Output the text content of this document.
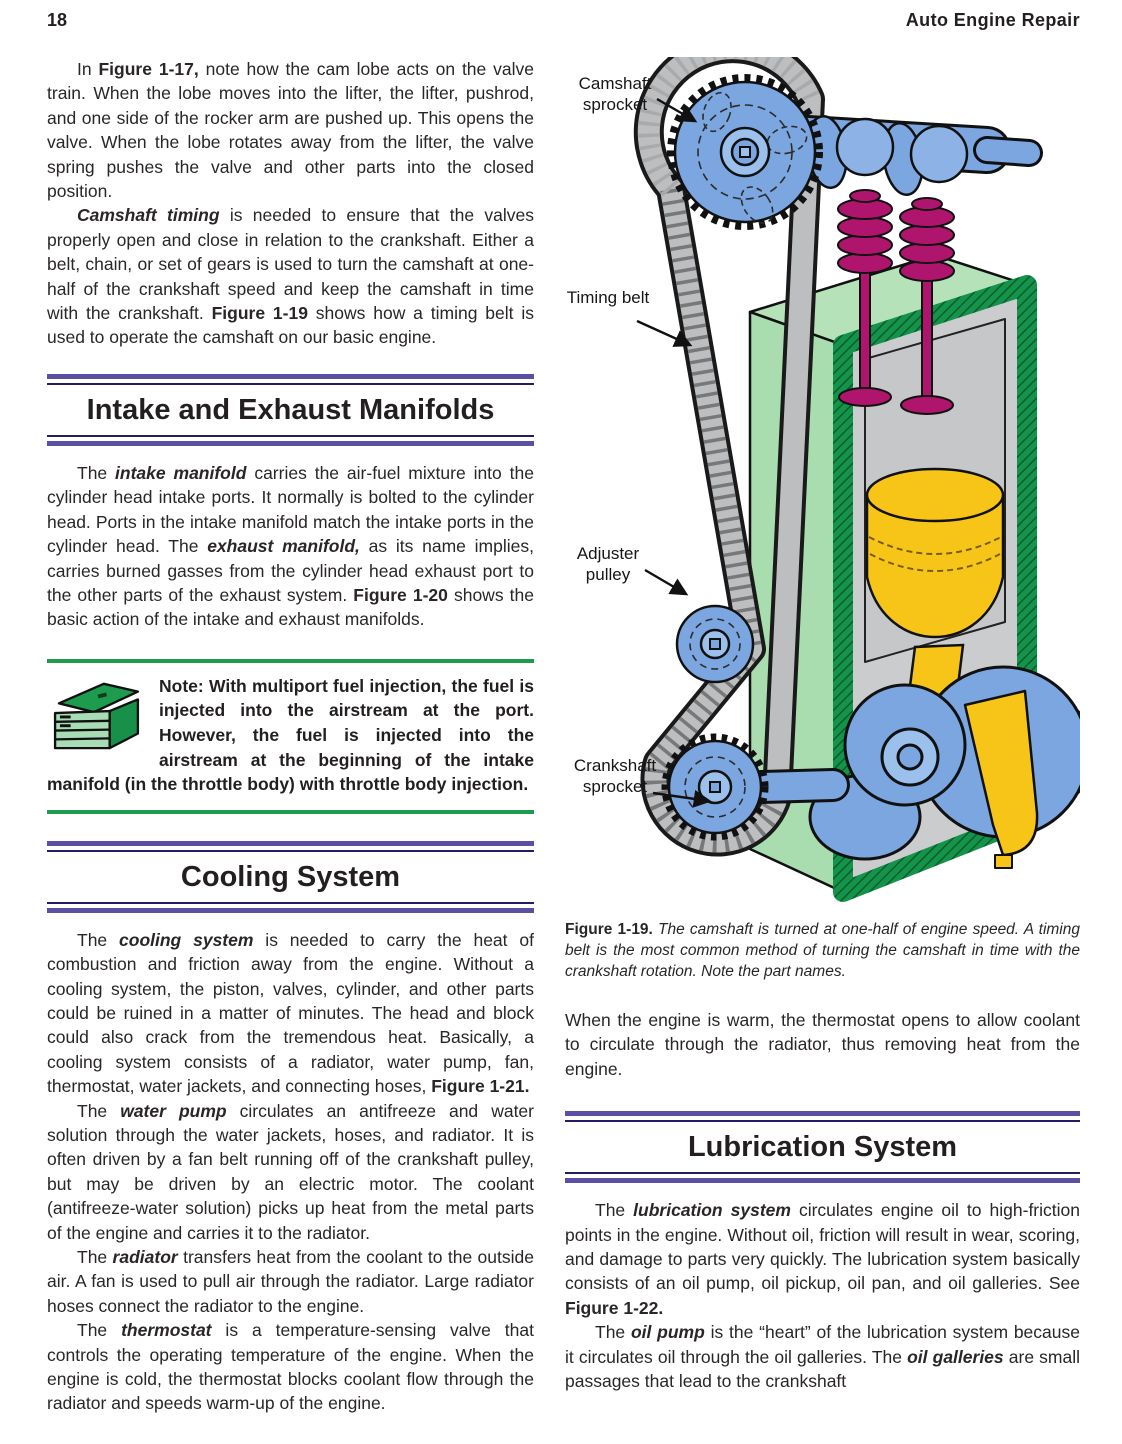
18	Auto Engine Repair

In Figure 1-17, note how the cam lobe acts on the valve train. When the lobe moves into the lifter, the lifter, pushrod, and one side of the rocker arm are pushed up. This opens the valve. When the lobe rotates away from the lifter, the valve spring pushes the valve and other parts into the closed position.

Camshaft timing is needed to ensure that the valves properly open and close in relation to the crankshaft. Either a belt, chain, or set of gears is used to turn the camshaft at one-half of the crankshaft speed and keep the camshaft in time with the crankshaft. Figure 1-19 shows how a timing belt is used to operate the camshaft on our basic engine.

Intake and Exhaust Manifolds

The intake manifold carries the air-fuel mixture into the cylinder head intake ports. It normally is bolted to the cylinder head. Ports in the intake manifold match the intake ports in the cylinder head. The exhaust manifold, as its name implies, carries burned gasses from the cylinder head exhaust port to the other parts of the exhaust system. Figure 1-20 shows the basic action of the intake and exhaust manifolds.

Note: With multiport fuel injection, the fuel is injected into the airstream at the port. However, the fuel is injected into the airstream at the beginning of the intake manifold (in the throttle body) with throttle body injection.

Cooling System

The cooling system is needed to carry the heat of combustion and friction away from the engine. Without a cooling system, the piston, valves, cylinder, and other parts could be ruined in a matter of minutes. The head and block could also crack from the tremendous heat. Basically, a cooling system consists of a radiator, water pump, fan, thermostat, water jackets, and connecting hoses, Figure 1-21.

The water pump circulates an antifreeze and water solution through the water jackets, hoses, and radiator. It is often driven by a fan belt running off of the crankshaft pulley, but may be driven by an electric motor. The coolant (antifreeze-water solution) picks up heat from the metal parts of the engine and carries it to the radiator.

The radiator transfers heat from the coolant to the outside air. A fan is used to pull air through the radiator. Large radiator hoses connect the radiator to the engine.

The thermostat is a temperature-sensing valve that controls the operating temperature of the engine. When the engine is cold, the thermostat blocks coolant flow through the radiator and speeds warm-up of the engine.

Camshaft sprocket
Timing belt
Adjuster pulley
Crankshaft sprocket

Figure 1-19. The camshaft is turned at one-half of engine speed. A timing belt is the most common method of turning the camshaft in time with the crankshaft rotation. Note the part names.

When the engine is warm, the thermostat opens to allow coolant to circulate through the radiator, thus removing heat from the engine.

Lubrication System

The lubrication system circulates engine oil to high-friction points in the engine. Without oil, friction will result in wear, scoring, and damage to parts very quickly. The lubrication system basically consists of an oil pump, oil pickup, oil pan, and oil galleries. See Figure 1-22.

The oil pump is the “heart” of the lubrication system because it circulates oil through the oil galleries. The oil galleries are small passages that lead to the crankshaft
